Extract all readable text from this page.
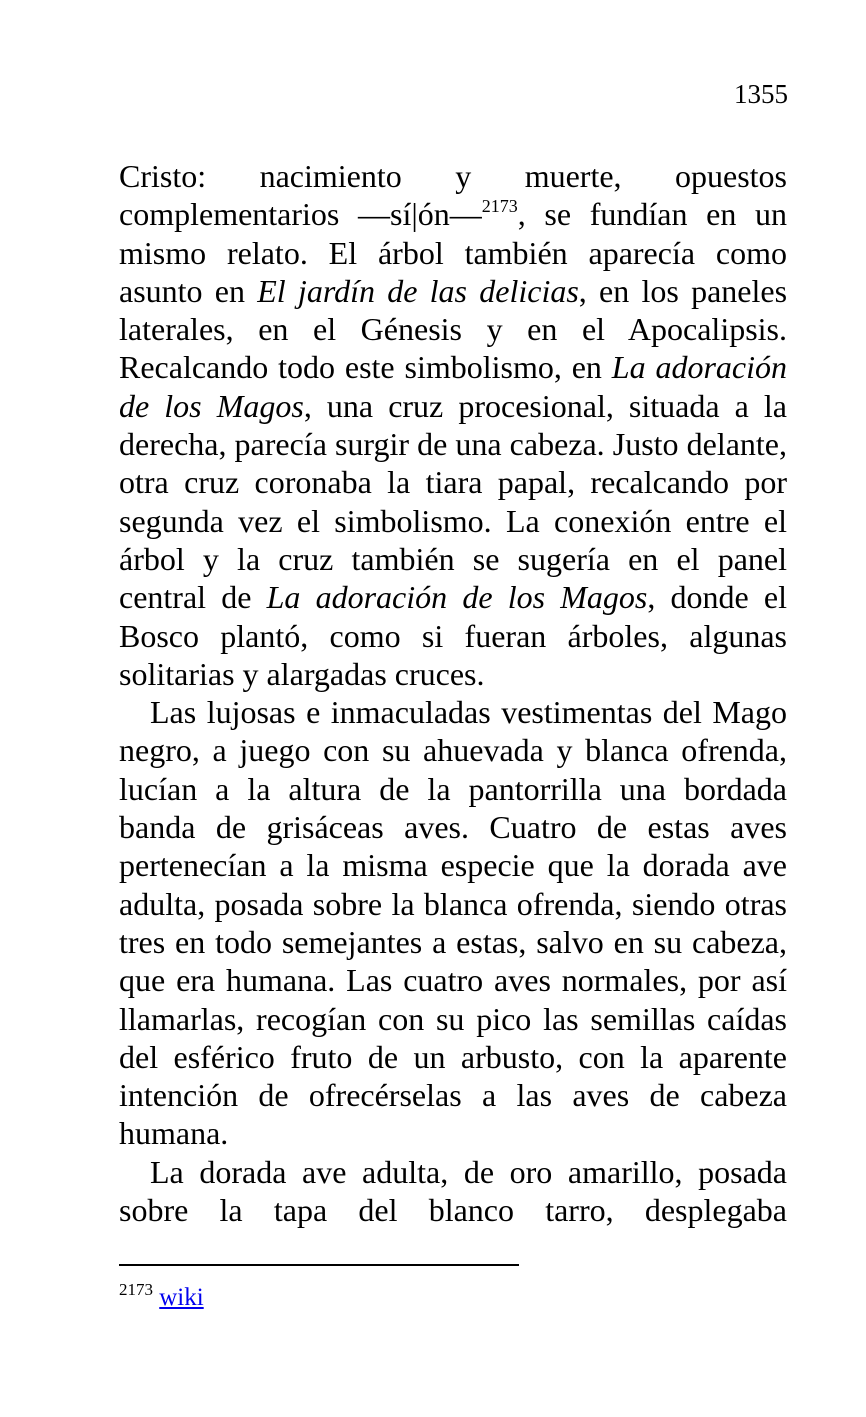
1355

Cristo: nacimiento y muerte, opuestos complementarios —sí|ón—$^{2173}$, se fundían en un mismo relato. El árbol también aparecía como asunto en El jardín de las delicias, en los paneles laterales, en el Génesis y en el Apocalipsis. Recalcando todo este simbolismo, en La adoración de los Magos, una cruz procesional, situada a la derecha, parecía surgir de una cabeza. Justo delante, otra cruz coronaba la tiara papal, recalcando por segunda vez el simbolismo. La conexión entre el árbol y la cruz también se sugería en el panel central de La adoración de los Magos, donde el Bosco plantó, como si fueran árboles, algunas solitarias y alargadas cruces.

Las lujosas e inmaculadas vestimentas del Mago negro, a juego con su ahuevada y blanca ofrenda, lucían a la altura de la pantorrilla una bordada banda de grisáceas aves. Cuatro de estas aves pertenecían a la misma especie que la dorada ave adulta, posada sobre la blanca ofrenda, siendo otras tres en todo semejantes a estas, salvo en su cabeza, que era humana. Las cuatro aves normales, por así llamarlas, recogían con su pico las semillas caídas del esférico fruto de un arbusto, con la aparente intención de ofrecérselas a las aves de cabeza humana.

La dorada ave adulta, de oro amarillo, posada sobre la tapa del blanco tarro, desplegaba

$^{2173}$ wiki
